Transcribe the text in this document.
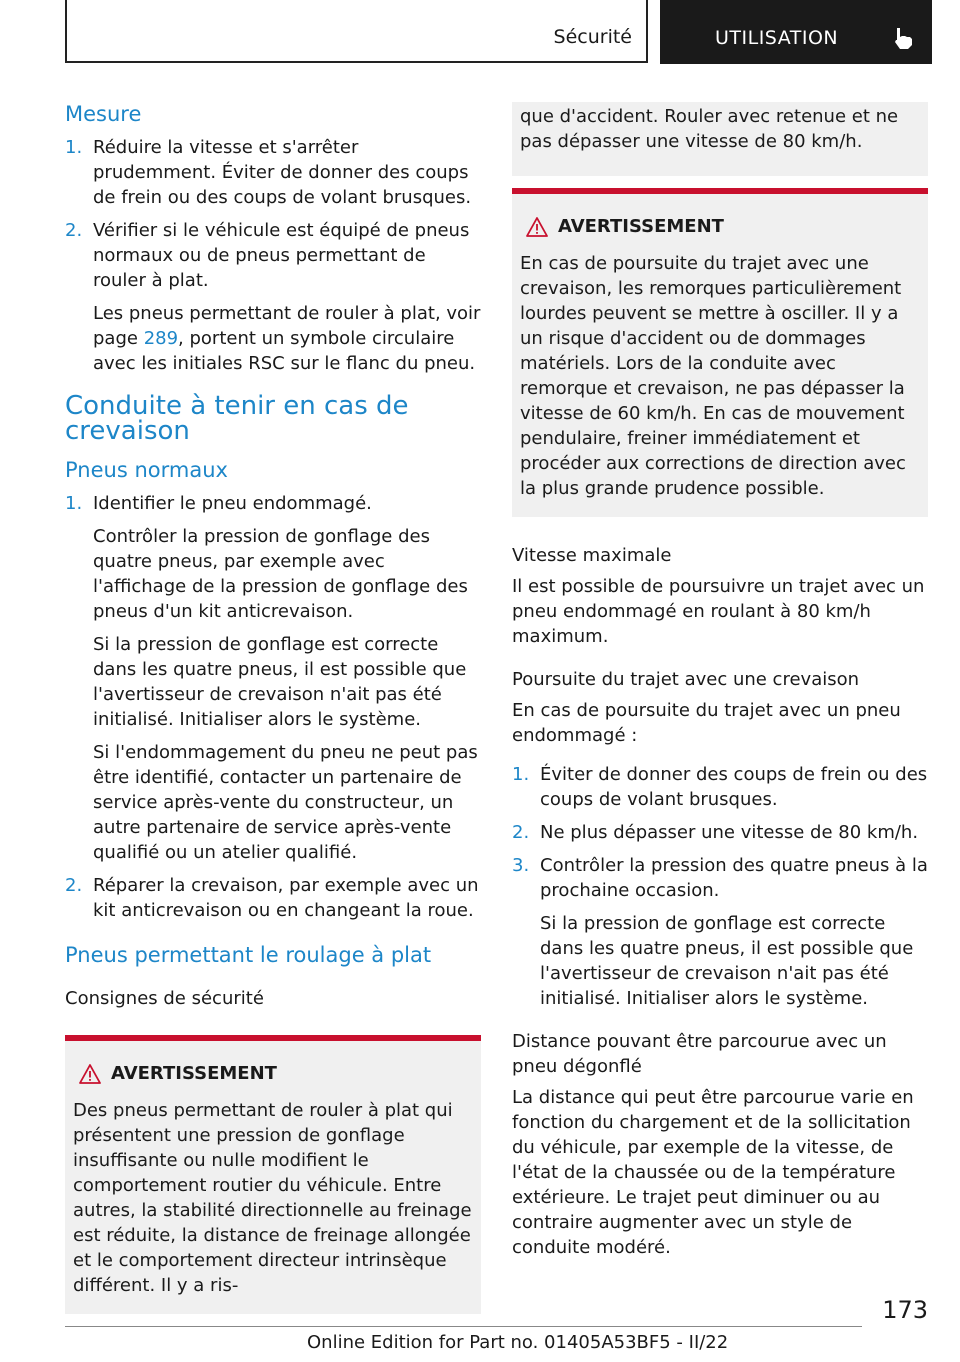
Sécurité	UTILISATION
Mesure
1. Réduire la vitesse et s'arrêter prudemment. Éviter de donner des coups de frein ou des coups de volant brusques.
2. Vérifier si le véhicule est équipé de pneus normaux ou de pneus permettant de rouler à plat.

Les pneus permettant de rouler à plat, voir page 289, portent un symbole circulaire avec les initiales RSC sur le flanc du pneu.

Conduite à tenir en cas de crevaison
Pneus normaux
1. Identifier le pneu endommagé.

Contrôler la pression de gonflage des quatre pneus, par exemple avec l'affichage de la pression de gonflage des pneus d'un kit anticrevaison.

Si la pression de gonflage est correcte dans les quatre pneus, il est possible que l'avertisseur de crevaison n'ait pas été initialisé. Initialiser alors le système.

Si l'endommagement du pneu ne peut pas être identifié, contacter un partenaire de service après-vente du constructeur, un autre partenaire de service après-vente qualifié ou un atelier qualifié.

2. Réparer la crevaison, par exemple avec un kit anticrevaison ou en changeant la roue.
Pneus permettant le roulage à plat
Consignes de sécurité
AVERTISSEMENT

Des pneus permettant de rouler à plat qui présentent une pression de gonflage insuffisante ou nulle modifient le comportement routier du véhicule. Entre autres, la stabilité directionnelle au freinage est réduite, la distance de freinage allongée et le comportement directeur intrinsèque différent. Il y a ris-

que d'accident. Rouler avec retenue et ne pas dépasser une vitesse de 80 km/h.

AVERTISSEMENT

En cas de poursuite du trajet avec une crevaison, les remorques particulièrement lourdes peuvent se mettre à osciller. Il y a un risque d'accident ou de dommages matériels. Lors de la conduite avec remorque et crevaison, ne pas dépasser la vitesse de 60 km/h. En cas de mouvement pendulaire, freiner immédiatement et procéder aux corrections de direction avec la plus grande prudence possible.

Vitesse maximale

Il est possible de poursuivre un trajet avec un pneu endommagé en roulant à 80 km/h maximum.

Poursuite du trajet avec une crevaison

En cas de poursuite du trajet avec un pneu endommagé :

1. Éviter de donner des coups de frein ou des coups de volant brusques.
2. Ne plus dépasser une vitesse de 80 km/h.
3. Contrôler la pression des quatre pneus à la prochaine occasion.

Si la pression de gonflage est correcte dans les quatre pneus, il est possible que l'avertisseur de crevaison n'ait pas été initialisé. Initialiser alors le système.

Distance pouvant être parcourue avec un pneu dégonflé

La distance qui peut être parcourue varie en fonction du chargement et de la sollicitation du véhicule, par exemple de la vitesse, de l'état de la chaussée ou de la température extérieure. Le trajet peut diminuer ou au contraire augmenter avec un style de conduite modéré.

173
Online Edition for Part no. 01405A53BF5 - II/22
